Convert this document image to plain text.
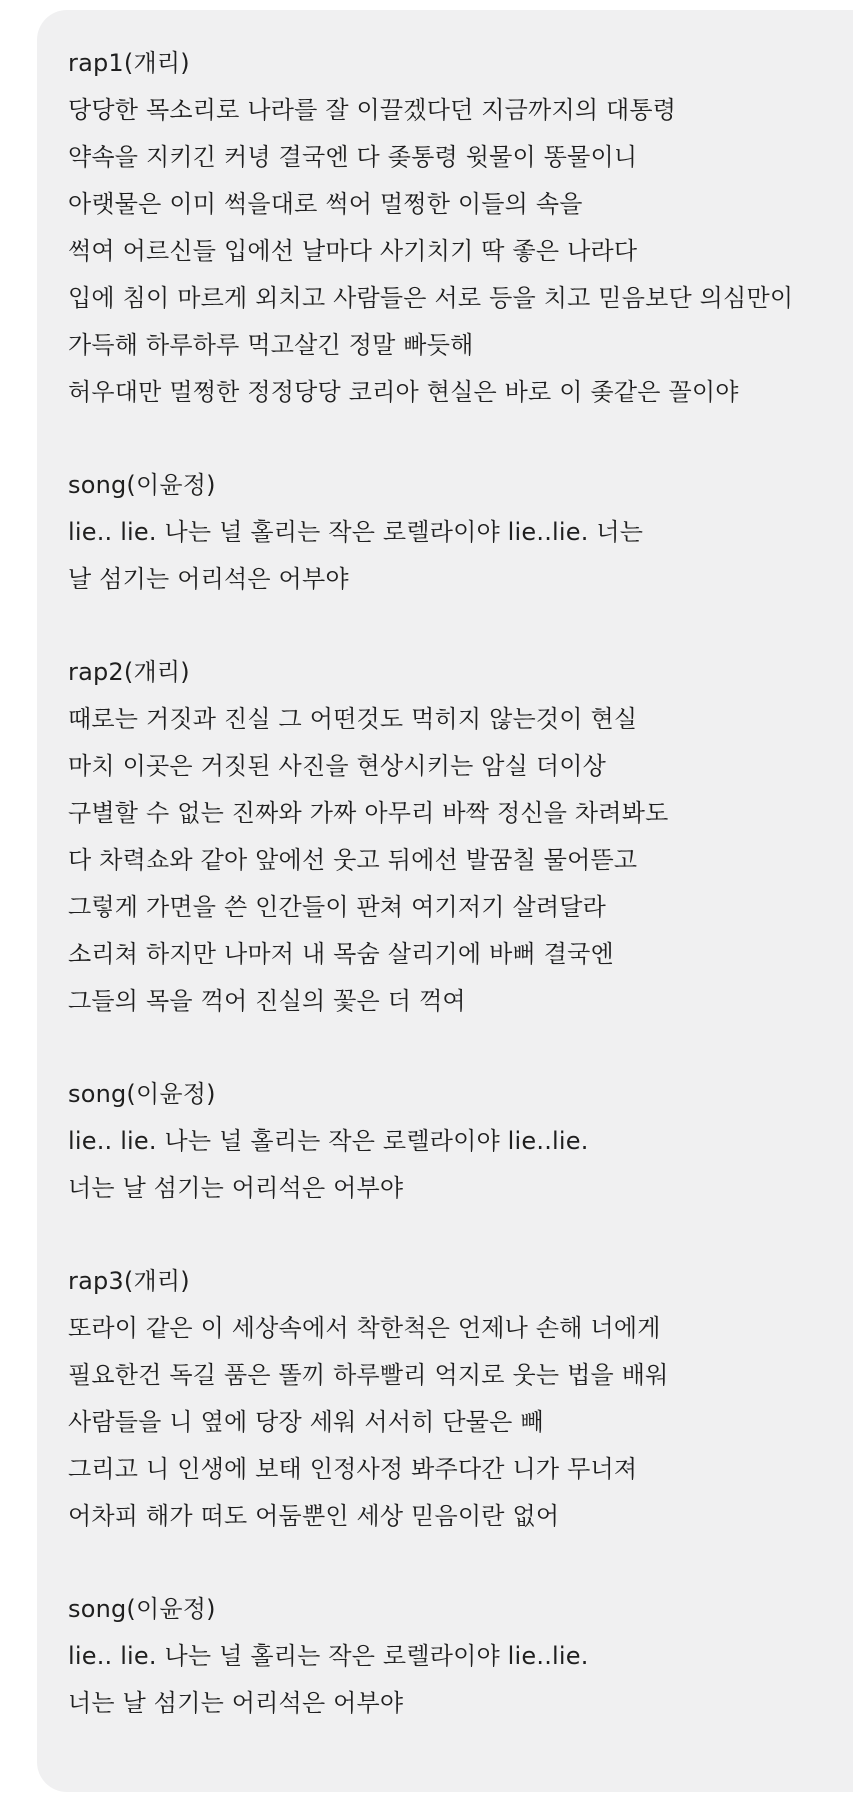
rap1(개리)
당당한 목소리로 나라를 잘 이끌겠다던 지금까지의 대통령
약속을 지키긴 커녕 결국엔 다 좆통령 윗물이 똥물이니
아랫물은 이미 썩을대로 썩어 멀쩡한 이들의 속을
썩여 어르신들 입에선 날마다 사기치기 딱 좋은 나라다
입에 침이 마르게 외치고 사람들은 서로 등을 치고 믿음보단 의심만이
가득해 하루하루 먹고살긴 정말 빠듯해
허우대만 멀쩡한 정정당당 코리아 현실은 바로 이 좆같은 꼴이야
song(이윤정)
lie.. lie. 나는 널 홀리는 작은 로렐라이야 lie..lie. 너는
날 섬기는 어리석은 어부야
rap2(개리)
때로는 거짓과 진실 그 어떤것도 먹히지 않는것이 현실
마치 이곳은 거짓된 사진을 현상시키는 암실 더이상
구별할 수 없는 진짜와 가짜 아무리 바짝 정신을 차려봐도
다 차력쇼와 같아 앞에선 웃고 뒤에선 발꿈칠 물어뜯고
그렇게 가면을 쓴 인간들이 판쳐 여기저기 살려달라
소리쳐 하지만 나마저 내 목숨 살리기에 바뻐 결국엔
그들의 목을 꺽어 진실의 꽃은 더 꺽여
song(이윤정)
lie.. lie. 나는 널 홀리는 작은 로렐라이야 lie..lie.
너는 날 섬기는 어리석은 어부야
rap3(개리)
또라이 같은 이 세상속에서 착한척은 언제나 손해 너에게
필요한건 독길 품은 똘끼 하루빨리 억지로 웃는 법을 배워
사람들을 니 옆에 당장 세워 서서히 단물은 빼
그리고 니 인생에 보태 인정사정 봐주다간 니가 무너져
어차피 해가 떠도 어둠뿐인 세상 믿음이란 없어
song(이윤정)
lie.. lie. 나는 널 홀리는 작은 로렐라이야 lie..lie.
너는 날 섬기는 어리석은 어부야
